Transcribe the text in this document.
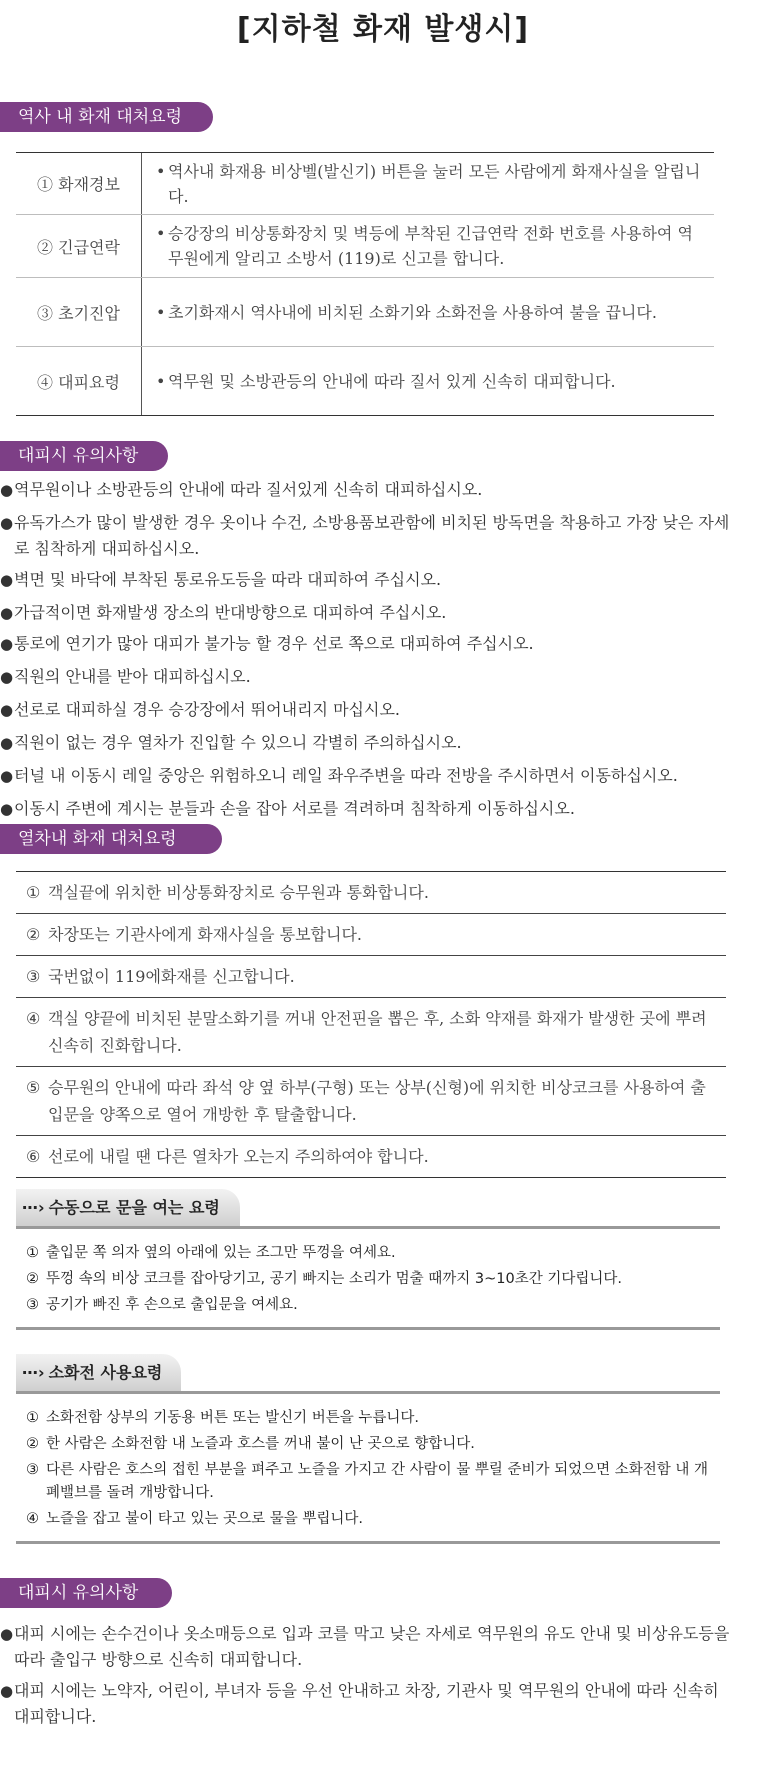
[지하철 화재 발생시]
역사 내 화재 대처요령
① 화재경보
• 역사내 화재용 비상벨(발신기) 버튼을 눌러 모든 사람에게 화재사실을 알립니다.
② 긴급연락
• 승강장의 비상통화장치 및 벽등에 부착된 긴급연락 전화 번호를 사용하여 역무원에게 알리고 소방서 (119)로 신고를 합니다.
③ 초기진압	• 초기화재시 역사내에 비치된 소화기와 소화전을 사용하여 불을 끕니다.
④ 대피요령	• 역무원 및 소방관등의 안내에 따라 질서 있게 신속히 대피합니다.
대피시 유의사항
● 역무원이나 소방관등의 안내에 따라 질서있게 신속히 대피하십시오.
● 유독가스가 많이 발생한 경우 옷이나 수건, 소방용품보관함에 비치된 방독면을 착용하고 가장 낮은 자세로 침착하게 대피하십시오.
● 벽면 및 바닥에 부착된 통로유도등을 따라 대피하여 주십시오.
● 가급적이면 화재발생 장소의 반대방향으로 대피하여 주십시오.
● 통로에 연기가 많아 대피가 불가능 할 경우 선로 쪽으로 대피하여 주십시오.
● 직원의 안내를 받아 대피하십시오.
● 선로로 대피하실 경우 승강장에서 뛰어내리지 마십시오.
● 직원이 없는 경우 열차가 진입할 수 있으니 각별히 주의하십시오.
● 터널 내 이동시 레일 중앙은 위험하오니 레일 좌우주변을 따라 전방을 주시하면서 이동하십시오.
● 이동시 주변에 계시는 분들과 손을 잡아 서로를 격려하며 침착하게 이동하십시오.
열차내 화재 대처요령
① 객실끝에 위치한 비상통화장치로 승무원과 통화합니다.
② 차장또는 기관사에게 화재사실을 통보합니다.
③ 국번없이 119에화재를 신고합니다.
④ 객실 양끝에 비치된 분말소화기를 꺼내 안전핀을 뽑은 후, 소화 약재를 화재가 발생한 곳에 뿌려 신속히 진화합니다.
⑤ 승무원의 안내에 따라 좌석 양 옆 하부(구형) 또는 상부(신형)에 위치한 비상코크를 사용하여 출입문을 양쪽으로 열어 개방한 후 탈출합니다.
⑥ 선로에 내릴 땐 다른 열차가 오는지 주의하여야 합니다.
⋯› 수동으로 문을 여는 요령
① 출입문 쪽 의자 옆의 아래에 있는 조그만 뚜껑을 여세요.
② 뚜껑 속의 비상 코크를 잡아당기고, 공기 빠지는 소리가 멈출 때까지 3~10초간 기다립니다.
③ 공기가 빠진 후 손으로 출입문을 여세요.
⋯› 소화전 사용요령
① 소화전함 상부의 기동용 버튼 또는 발신기 버튼을 누릅니다.
② 한 사람은 소화전함 내 노즐과 호스를 꺼내 불이 난 곳으로 향합니다.
③ 다른 사람은 호스의 접힌 부분을 펴주고 노즐을 가지고 간 사람이 물 뿌릴 준비가 되었으면 소화전함 내 개폐밸브를 돌려 개방합니다.
④ 노즐을 잡고 불이 타고 있는 곳으로 물을 뿌립니다.
대피시 유의사항
● 대피 시에는 손수건이나 옷소매등으로 입과 코를 막고 낮은 자세로 역무원의 유도 안내 및 비상유도등을 따라 출입구 방향으로 신속히 대피합니다.
● 대피 시에는 노약자, 어린이, 부녀자 등을 우선 안내하고 차장, 기관사 및 역무원의 안내에 따라 신속히 대피합니다.
